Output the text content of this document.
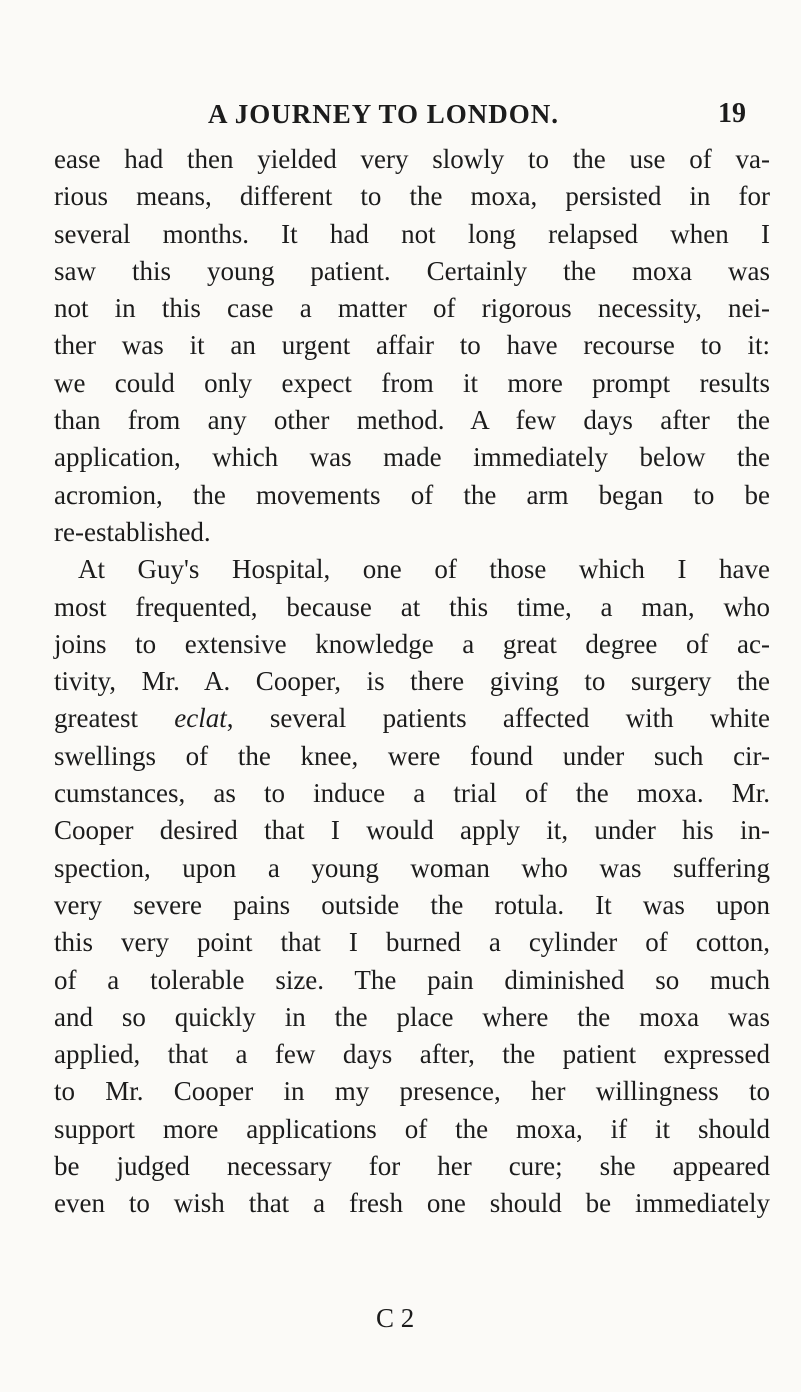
A JOURNEY TO LONDON.	19
ease had then yielded very slowly to the use of va-
rious means, different to the moxa, persisted in for
several months. It had not long relapsed when I
saw this young patient. Certainly the moxa was
not in this case a matter of rigorous necessity, nei-
ther was it an urgent affair to have recourse to it:
we could only expect from it more prompt results
than from any other method. A few days after the
application, which was made immediately below the
acromion, the movements of the arm began to be
re-established.
At Guy's Hospital, one of those which I have
most frequented, because at this time, a man, who
joins to extensive knowledge a great degree of ac-
tivity, Mr. A. Cooper, is there giving to surgery the
greatest eclat, several patients affected with white
swellings of the knee, were found under such cir-
cumstances, as to induce a trial of the moxa. Mr.
Cooper desired that I would apply it, under his in-
spection, upon a young woman who was suffering
very severe pains outside the rotula. It was upon
this very point that I burned a cylinder of cotton,
of a tolerable size. The pain diminished so much
and so quickly in the place where the moxa was
applied, that a few days after, the patient expressed
to Mr. Cooper in my presence, her willingness to
support more applications of the moxa, if it should
be judged necessary for her cure; she appeared
even to wish that a fresh one should be immediately
C 2
